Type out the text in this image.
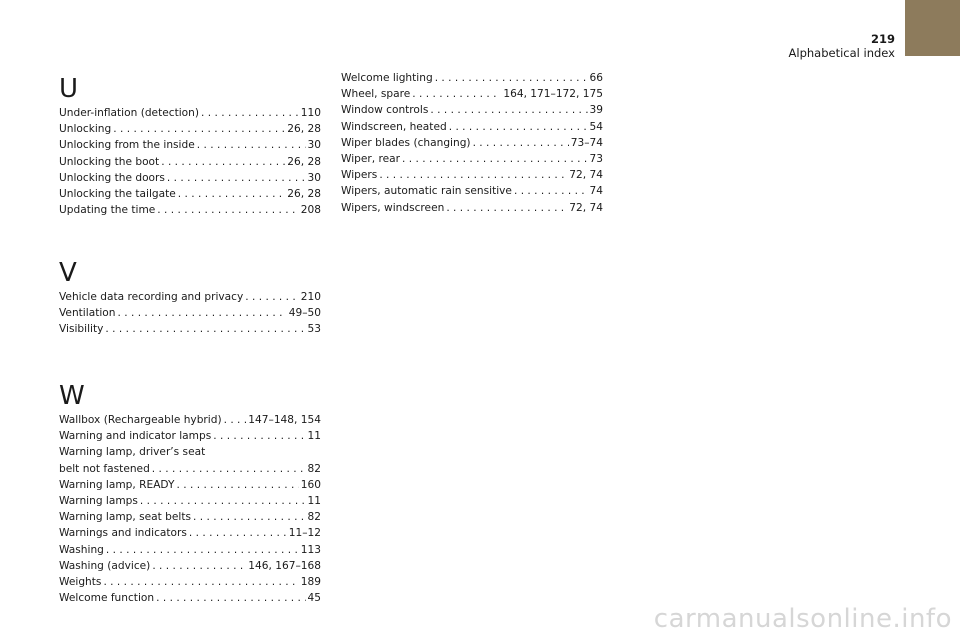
219
Alphabetical index
U
Under-inflation (detection) . . .	110
Unlocking . . .	26, 28
Unlocking from the inside . . .	30
Unlocking the boot . . .	26, 28
Unlocking the doors . . .	30
Unlocking the tailgate . . .	26, 28
Updating the time . . .	208
V
Vehicle data recording and privacy . . .	210
Ventilation . . .	49–50
Visibility . . .	53
W
Wallbox (Rechargeable hybrid) . . .	147–148, 154
Warning and indicator lamps . . .	11
Warning lamp, driver’s seat
belt not fastened . . .	82
Warning lamp, READY . . .	160
Warning lamps . . .	11
Warning lamp, seat belts . . .	82
Warnings and indicators . . .	11–12
Washing . . .	113
Washing (advice) . . .	146, 167–168
Weights . . .	189
Welcome function . . .	45
Welcome lighting . . .	66
Wheel, spare . . .	164, 171–172, 175
Window controls . . .	39
Windscreen, heated . . .	54
Wiper blades (changing) . . .	73–74
Wiper, rear . . .	73
Wipers . . .	72, 74
Wipers, automatic rain sensitive . . .	74
Wipers, windscreen . . .	72, 74
carmanualsonline.info
